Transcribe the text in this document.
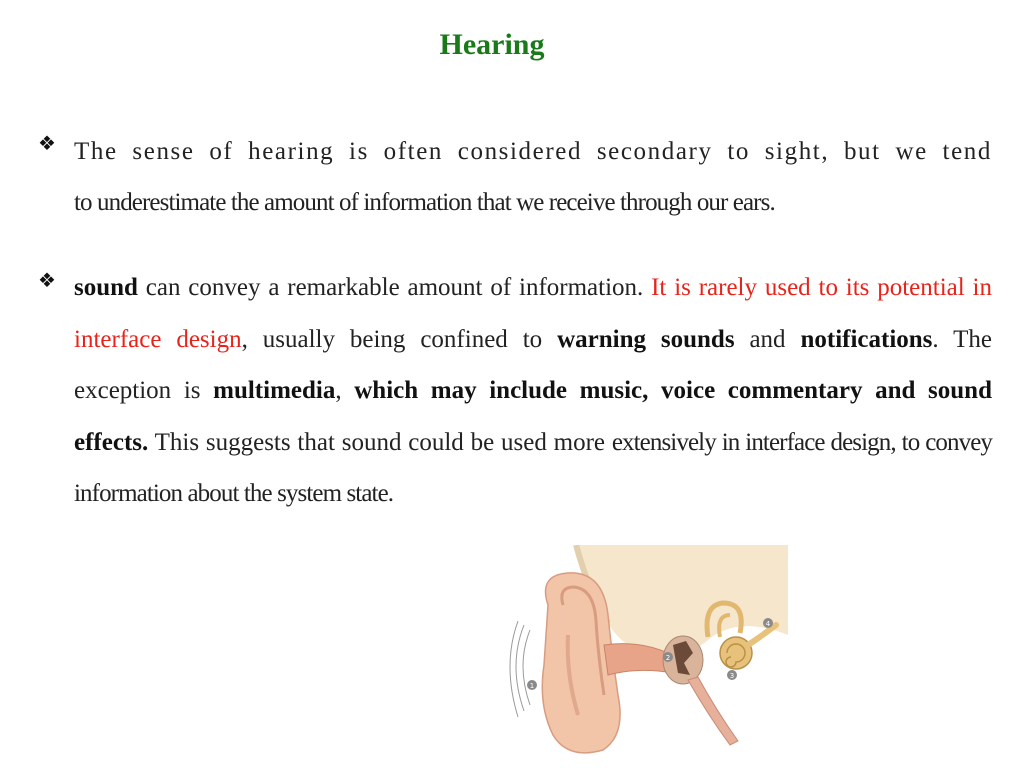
Hearing
❖ The sense of hearing is often considered secondary to sight, but we tend
to underestimate the amount of information that we receive through our ears.
❖ sound can convey a remarkable amount of information. It is rarely used to its potential in interface design, usually being confined to warning sounds and notifications. The exception is multimedia, which may include music, voice commentary and sound effects. This suggests that sound could be used more extensively in interface design, to convey information about the system state.
1
2
3
4
